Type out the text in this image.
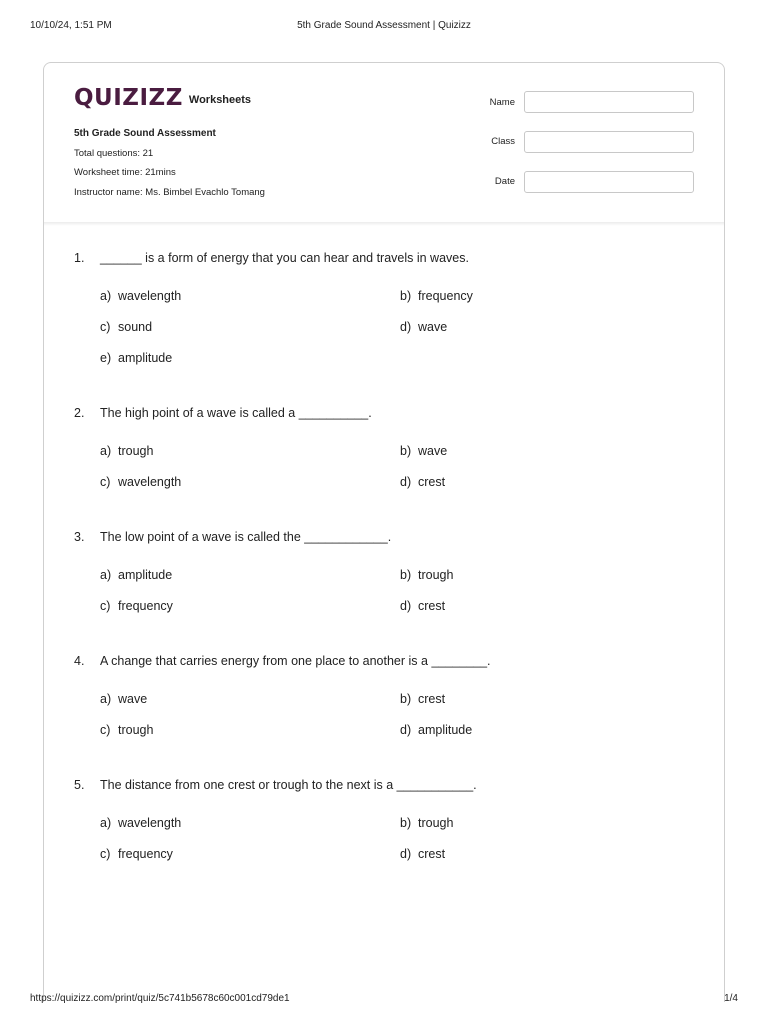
10/10/24, 1:51 PM	5th Grade Sound Assessment | Quizizz
QUIZIZZ Worksheets
5th Grade Sound Assessment
Total questions: 21
Worksheet time: 21mins
Instructor name: Ms. Bimbel Evachlo Tomang
Name
Class
Date
1. ______ is a form of energy that you can hear and travels in waves.
a) wavelength	b) frequency
c) sound	d) wave
e) amplitude
2. The high point of a wave is called a __________.
a) trough	b) wave
c) wavelength	d) crest
3. The low point of a wave is called the ____________.
a) amplitude	b) trough
c) frequency	d) crest
4. A change that carries energy from one place to another is a ________.
a) wave	b) crest
c) trough	d) amplitude
5. The distance from one crest or trough to the next is a ___________.
a) wavelength	b) trough
c) frequency	d) crest
https://quizizz.com/print/quiz/5c741b5678c60c001cd79de1	1/4
